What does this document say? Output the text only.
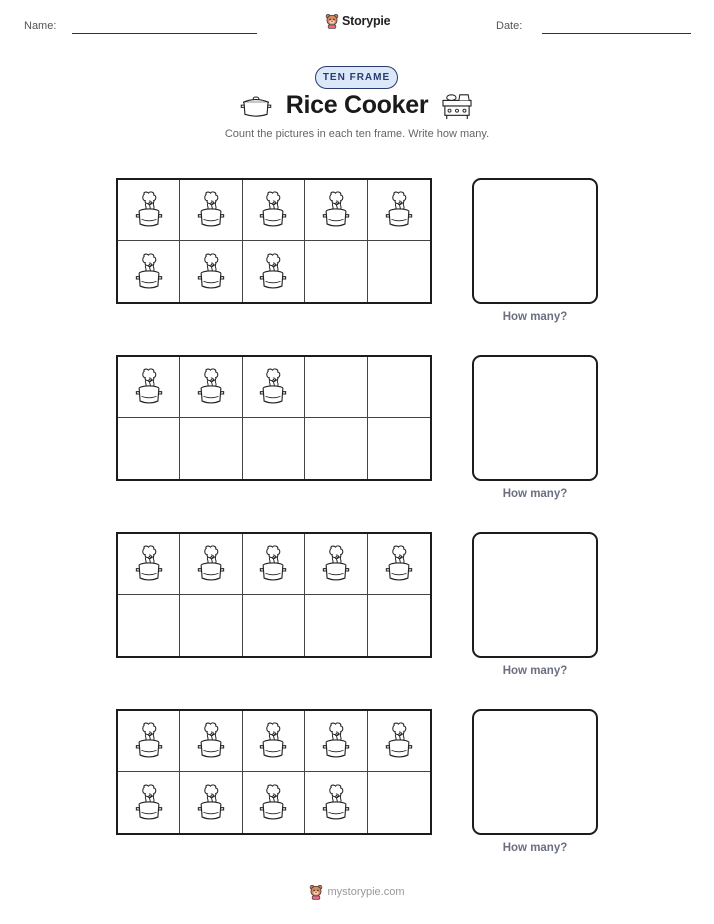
Name:	Storypie	Date:
TEN FRAME
Rice Cooker
Count the pictures in each ten frame. Write how many.
How many?
How many?
How many?
How many?
mystorypie.com
